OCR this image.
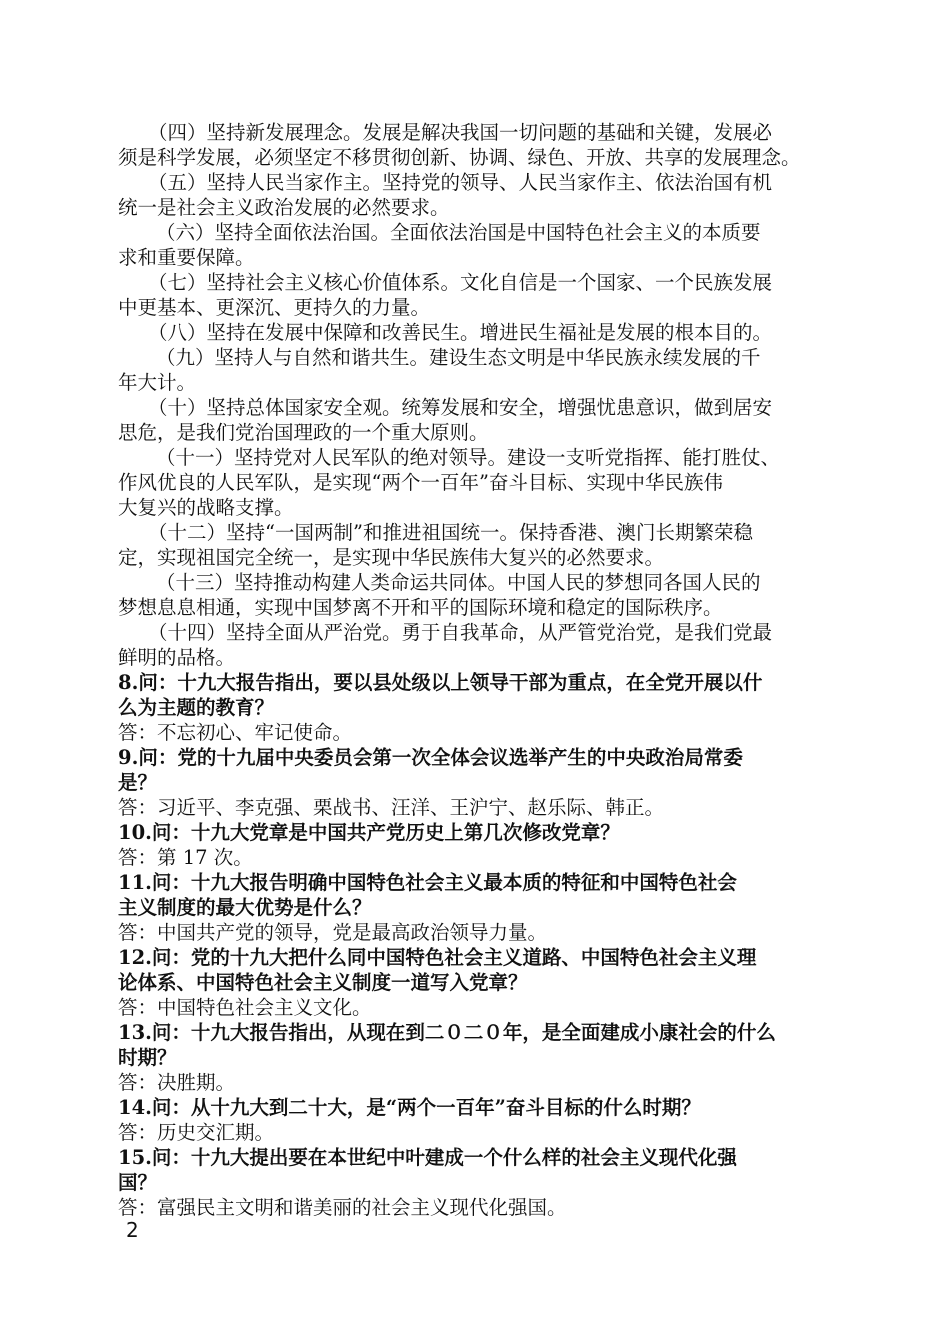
（四）坚持新发展理念。发展是解决我国一切问题的基础和关键，发展必
须是科学发展，必须坚定不移贯彻创新、协调、绿色、开放、共享的发展理念。
（五）坚持人民当家作主。坚持党的领导、人民当家作主、依法治国有机
统一是社会主义政治发展的必然要求。
（六）坚持全面依法治国。全面依法治国是中国特色社会主义的本质要
求和重要保障。
（七）坚持社会主义核心价值体系。文化自信是一个国家、一个民族发展
中更基本、更深沉、更持久的力量。
（八）坚持在发展中保障和改善民生。增进民生福祉是发展的根本目的。
（九）坚持人与自然和谐共生。建设生态文明是中华民族永续发展的千
年大计。
（十）坚持总体国家安全观。统筹发展和安全，增强忧患意识，做到居安
思危，是我们党治国理政的一个重大原则。
（十一）坚持党对人民军队的绝对领导。建设一支听党指挥、能打胜仗、
作风优良的人民军队，是实现“两个一百年”奋斗目标、实现中华民族伟
大复兴的战略支撑。
（十二）坚持“一国两制”和推进祖国统一。保持香港、澳门长期繁荣稳
定，实现祖国完全统一，是实现中华民族伟大复兴的必然要求。
（十三）坚持推动构建人类命运共同体。中国人民的梦想同各国人民的
梦想息息相通，实现中国梦离不开和平的国际环境和稳定的国际秩序。
（十四）坚持全面从严治党。勇于自我革命，从严管党治党，是我们党最
鲜明的品格。
8.问：十九大报告指出，要以县处级以上领导干部为重点，在全党开展以什
么为主题的教育？
答：不忘初心、牢记使命。
9.问：党的十九届中央委员会第一次全体会议选举产生的中央政治局常委
是？
答：习近平、李克强、栗战书、汪洋、王沪宁、赵乐际、韩正。
10.问：十九大党章是中国共产党历史上第几次修改党章？
答：第 17 次。
11.问：十九大报告明确中国特色社会主义最本质的特征和中国特色社会
主义制度的最大优势是什么？
答：中国共产党的领导，党是最高政治领导力量。
12.问：党的十九大把什么同中国特色社会主义道路、中国特色社会主义理
论体系、中国特色社会主义制度一道写入党章？
答：中国特色社会主义文化。
13.问：十九大报告指出，从现在到二０二０年，是全面建成小康社会的什么
时期？
答：决胜期。
14.问：从十九大到二十大，是“两个一百年”奋斗目标的什么时期？
答：历史交汇期。
15.问：十九大提出要在本世纪中叶建成一个什么样的社会主义现代化强
国？
答：富强民主文明和谐美丽的社会主义现代化强国。
2
